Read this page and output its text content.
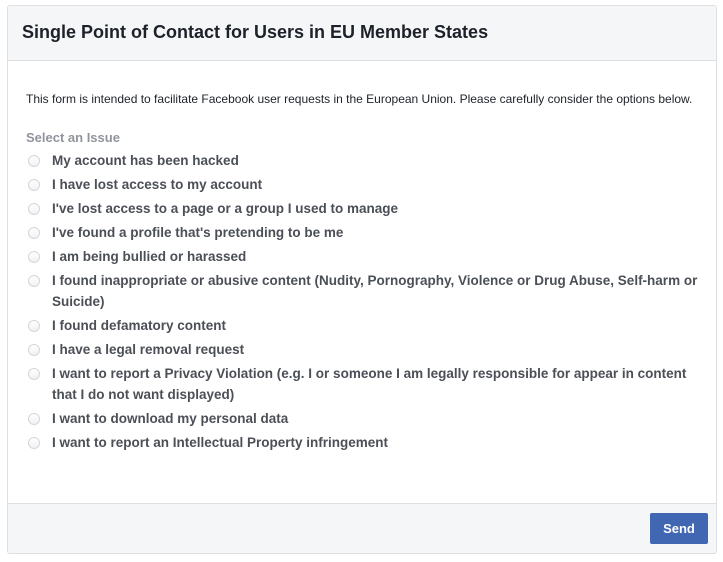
Single Point of Contact for Users in EU Member States

This form is intended to facilitate Facebook user requests in the European Union. Please carefully consider the options below.

Select an Issue
My account has been hacked
I have lost access to my account
I've lost access to a page or a group I used to manage
I've found a profile that's pretending to be me
I am being bullied or harassed
I found inappropriate or abusive content (Nudity, Pornography, Violence or Drug Abuse, Self-harm or Suicide)
I found defamatory content
I have a legal removal request
I want to report a Privacy Violation (e.g. I or someone I am legally responsible for appear in content that I do not want displayed)
I want to download my personal data
I want to report an Intellectual Property infringement
Send
